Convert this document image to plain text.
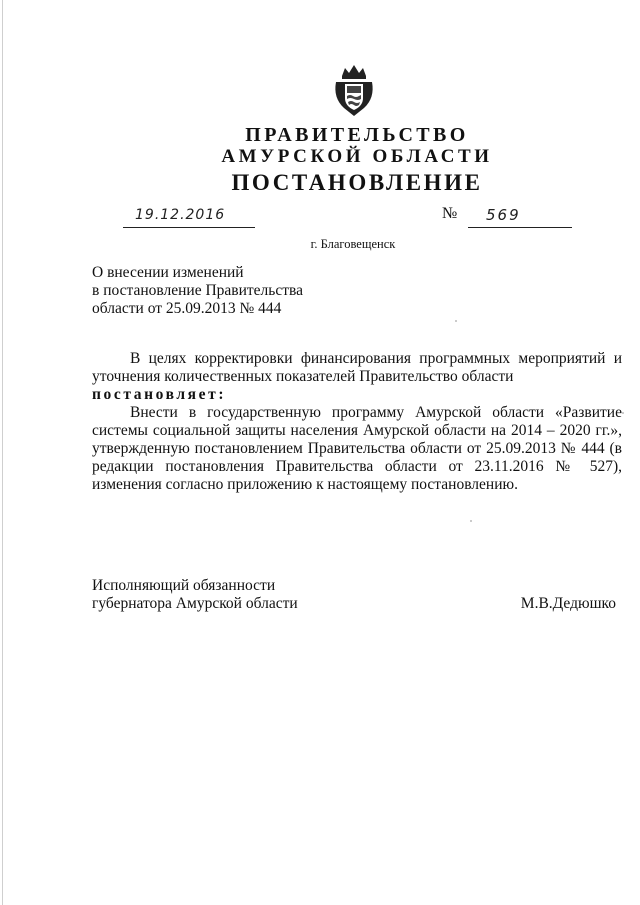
ПРАВИТЕЛЬСТВО
АМУРСКОЙ ОБЛАСТИ
ПОСТАНОВЛЕНИЕ
19.12.2016	№ 569
г. Благовещенск
О внесении изменений
в постановление Правительства
области от 25.09.2013 № 444

В целях корректировки финансирования программных мероприятий и уточнения количественных показателей Правительство области

постановляет:

Внести в государственную программу Амурской области «Развитие системы социальной защиты населения Амурской области на 2014 – 2020 гг.», утвержденную постановлением Правительства области от 25.09.2013 № 444 (в редакции постановления Правительства области от 23.11.2016 № 527), изменения согласно приложению к настоящему постановлению.

Исполняющий обязанности
губернатора Амурской области	М.В.Дедюшко
